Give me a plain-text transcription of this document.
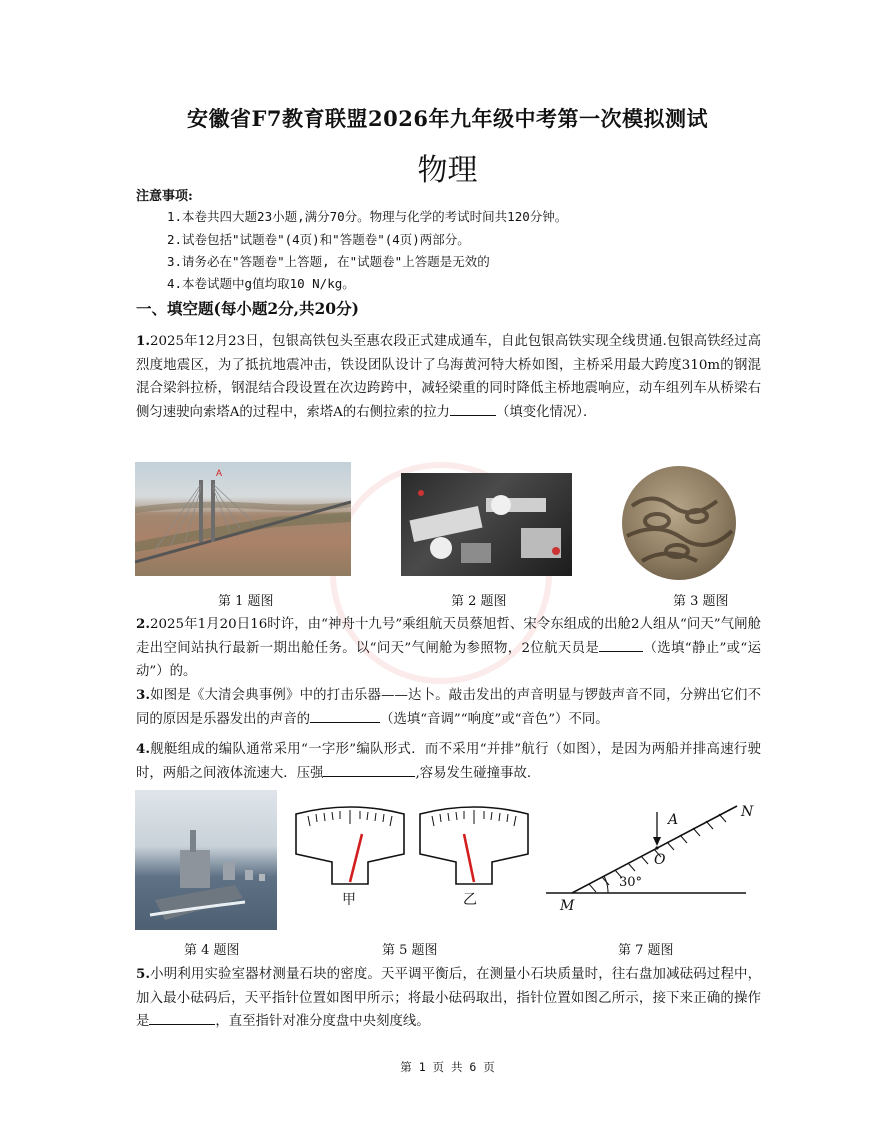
安徽省F7教育联盟2026年九年级中考第一次模拟测试
物理
注意事项:
1.本卷共四大题23小题,满分70分。物理与化学的考试时间共120分钟。
2.试卷包括"试题卷"(4页)和"答题卷"(4页)两部分。
3.请务必在"答题卷"上答题, 在"试题卷"上答题是无效的
4.本卷试题中g值均取10 N/kg。
一、填空题(每小题2分,共20分)
1.2025年12月23日，包银高铁包头至惠农段正式建成通车，自此包银高铁实现全线贯通.包银高铁经过高烈度地震区，为了抵抗地震冲击，铁设团队设计了乌海黄河特大桥如图，主桥采用最大跨度310m的钢混混合梁斜拉桥，钢混结合段设置在次边跨跨中，减轻梁重的同时降低主桥地震响应，动车组列车从桥梁右侧匀速驶向索塔A的过程中，索塔A的右侧拉索的拉力	（填变化情况）．
A
第 1 题图	第 2 题图	第 3 题图
2.2025年1月20日16时许，由“神舟十九号”乘组航天员蔡旭哲、宋令东组成的出舱2人组从“问天”气闸舱走出空间站执行最新一期出舱任务。以“问天”气闸舱为参照物，2位航天员是	（选填“静止”或“运动”）的。
3.如图是《大清会典事例》中的打击乐器——达卜。敲击发出的声音明显与锣鼓声音不同，分辨出它们不同的原因是乐器发出的声音的	（选填“音调”“响度”或“音色”）不同。
4.舰艇组成的编队通常采用“一字形”编队形式．而不采用“并排”航行（如图），是因为两船并排高速行驶时，两船之间液体流速大．压强	,容易发生碰撞事故．
甲	乙
A	N
O
M
30°
第 4 题图	第 5 题图	第 7 题图
5.小明利用实验室器材测量石块的密度。天平调平衡后，在测量小石块质量时，往右盘加减砝码过程中，加入最小砝码后，天平指针位置如图甲所示；将最小砝码取出，指针位置如图乙所示，接下来正确的操作是	，直至指针对准分度盘中央刻度线。
第 1 页 共 6 页
